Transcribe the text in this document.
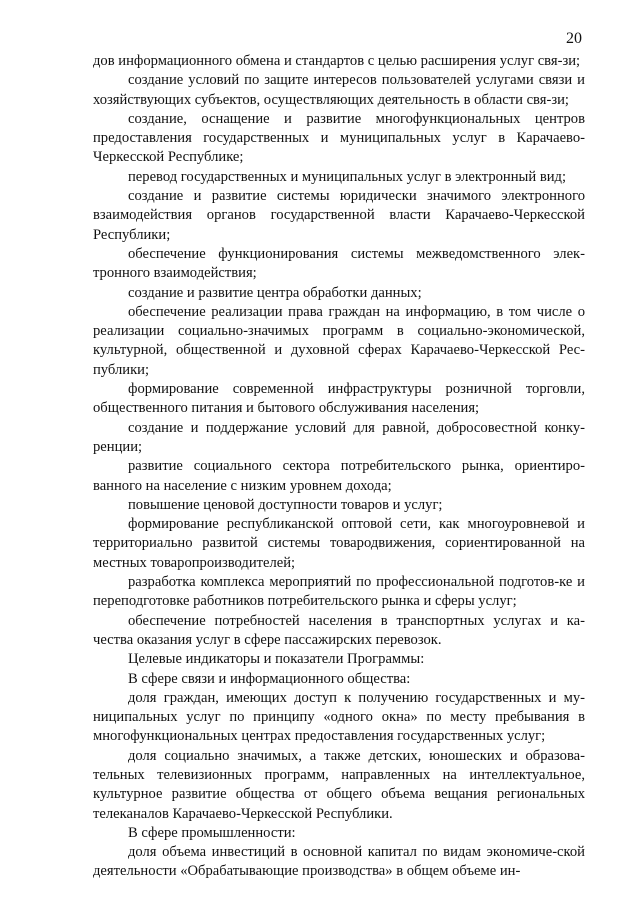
20

дов информационного обмена и стандартов с целью расширения услуг свя-зи;

создание условий по защите интересов пользователей услугами связи и хозяйствующих субъектов, осуществляющих деятельность в области свя-зи;

создание, оснащение и развитие многофункциональных центров предоставления государственных и муниципальных услуг в Карачаево-Черкесской Республике;

перевод государственных и муниципальных услуг в электронный вид;

создание и развитие системы юридически значимого электронного взаимодействия органов государственной власти Карачаево-Черкесской Республики;

обеспечение функционирования системы межведомственного элек-тронного взаимодействия;

создание и развитие центра обработки данных;

обеспечение реализации права граждан на информацию, в том числе о реализации социально-значимых программ в социально-экономической, культурной, общественной и духовной сферах Карачаево-Черкесской Рес-публики;

формирование современной инфраструктуры розничной торговли, общественного питания и бытового обслуживания населения;

создание и поддержание условий для равной, добросовестной конку-ренции;

развитие социального сектора потребительского рынка, ориентиро-ванного на население с низким уровнем дохода;

повышение ценовой доступности товаров и услуг;

формирование республиканской оптовой сети, как многоуровневой и территориально развитой системы товародвижения, сориентированной на местных товаропроизводителей;

разработка комплекса мероприятий по профессиональной подготов-ке и переподготовке работников потребительского рынка и сферы услуг;

обеспечение потребностей населения в транспортных услугах и ка-чества оказания услуг в сфере пассажирских перевозок.

Целевые индикаторы и показатели Программы:

В сфере связи и информационного общества:

доля граждан, имеющих доступ к получению государственных и му-ниципальных услуг по принципу «одного окна» по месту пребывания в многофункциональных центрах предоставления государственных услуг;

доля социально значимых, а также детских, юношеских и образова-тельных телевизионных программ, направленных на интеллектуальное, культурное развитие общества от общего объема вещания региональных телеканалов Карачаево-Черкесской Республики.

В сфере промышленности:

доля объема инвестиций в основной капитал по видам экономиче-ской деятельности «Обрабатывающие производства» в общем объеме ин-
